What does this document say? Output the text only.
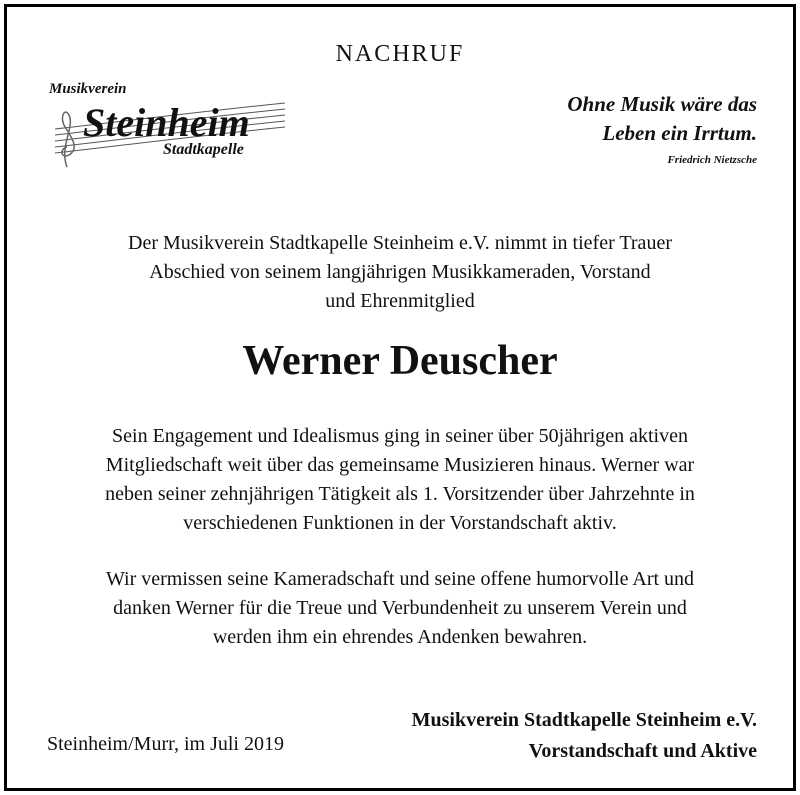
NACHRUF
Musikverein
Steinheim
Stadtkapelle
Ohne Musik wäre das
Leben ein Irrtum.
Friedrich Nietzsche
Der Musikverein Stadtkapelle Steinheim e.V. nimmt in tiefer Trauer
Abschied von seinem langjährigen Musikkameraden, Vorstand
und Ehrenmitglied
Werner Deuscher
Sein Engagement und Idealismus ging in seiner über 50jährigen aktiven
Mitgliedschaft weit über das gemeinsame Musizieren hinaus. Werner war
neben seiner zehnjährigen Tätigkeit als 1. Vorsitzender über Jahrzehnte in
verschiedenen Funktionen in der Vorstandschaft aktiv.
Wir vermissen seine Kameradschaft und seine offene humorvolle Art und
danken Werner für die Treue und Verbundenheit zu unserem Verein und
werden ihm ein ehrendes Andenken bewahren.
Steinheim/Murr, im Juli 2019
Musikverein Stadtkapelle Steinheim e.V.
Vorstandschaft und Aktive
